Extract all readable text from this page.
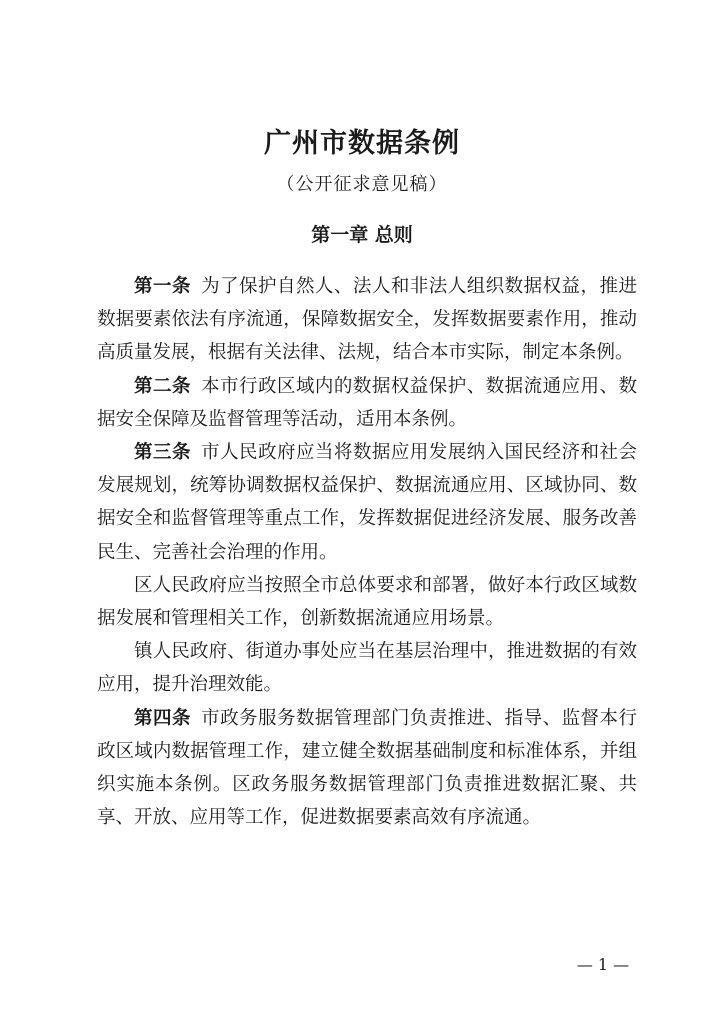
广州市数据条例
（公开征求意见稿）
第一章 总则

第一条 为了保护自然人、法人和非法人组织数据权益，推进数据要素依法有序流通，保障数据安全，发挥数据要素作用，推动高质量发展，根据有关法律、法规，结合本市实际，制定本条例。

第二条 本市行政区域内的数据权益保护、数据流通应用、数据安全保障及监督管理等活动，适用本条例。

第三条 市人民政府应当将数据应用发展纳入国民经济和社会发展规划，统筹协调数据权益保护、数据流通应用、区域协同、数据安全和监督管理等重点工作，发挥数据促进经济发展、服务改善民生、完善社会治理的作用。

区人民政府应当按照全市总体要求和部署，做好本行政区域数据发展和管理相关工作，创新数据流通应用场景。

镇人民政府、街道办事处应当在基层治理中，推进数据的有效应用，提升治理效能。

第四条 市政务服务数据管理部门负责推进、指导、监督本行政区域内数据管理工作，建立健全数据基础制度和标准体系，并组织实施本条例。区政务服务数据管理部门负责推进数据汇聚、共享、开放、应用等工作，促进数据要素高效有序流通。

— 1 —
